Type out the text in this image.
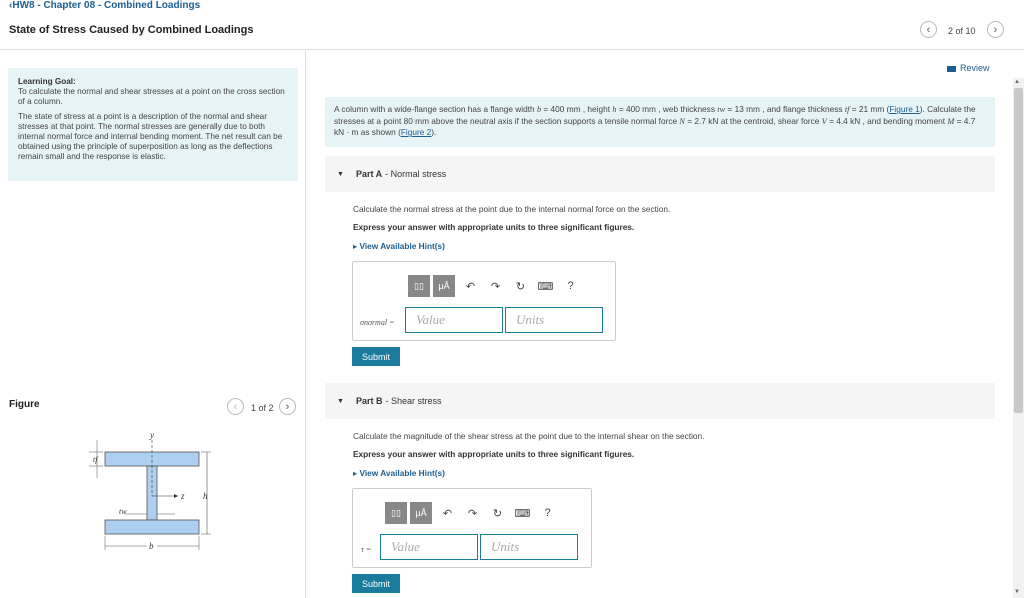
‹HW8 - Chapter 08 - Combined Loadings
State of Stress Caused by Combined Loadings	‹ 2 of 10 ›
Learning Goal:

To calculate the normal and shear stresses at a point on the cross section of a column.

The state of stress at a point is a description of the normal and shear stresses at that point. The normal stresses are generally due to both internal normal force and internal bending moment. The net result can be obtained using the principle of superposition as long as the deflections remain small and the response is elastic.

Figure	‹ 1 of 2 ›
y
z h
b
tf
tw
Review
A column with a wide-flange section has a flange width b = 400 mm , height h = 400 mm , web thickness tw = 13 mm , and flange thickness tf = 21 mm (Figure 1). Calculate the stresses at a point 80 mm above the neutral axis if the section supports a tensile normal force N = 2.7 kN at the centroid, shear force V = 4.4 kN , and bending moment M = 4.7 kN · m as shown (Figure 2).
▼ Part A - Normal stress
Calculate the normal stress at the point due to the internal normal force on the section.
Express your answer with appropriate units to three significant figures.
▸ View Available Hint(s)
▯▯	μÅ	↶	↷	↻	⌨	?
σnormal =	Value	Units
Submit
▼ Part B - Shear stress
Calculate the magnitude of the shear stress at the point due to the internal shear on the section.
Express your answer with appropriate units to three significant figures.
▸ View Available Hint(s)
▯▯	μÅ	↶	↷	↻	⌨	?
τ =	Value	Units
Submit
▲
▼
